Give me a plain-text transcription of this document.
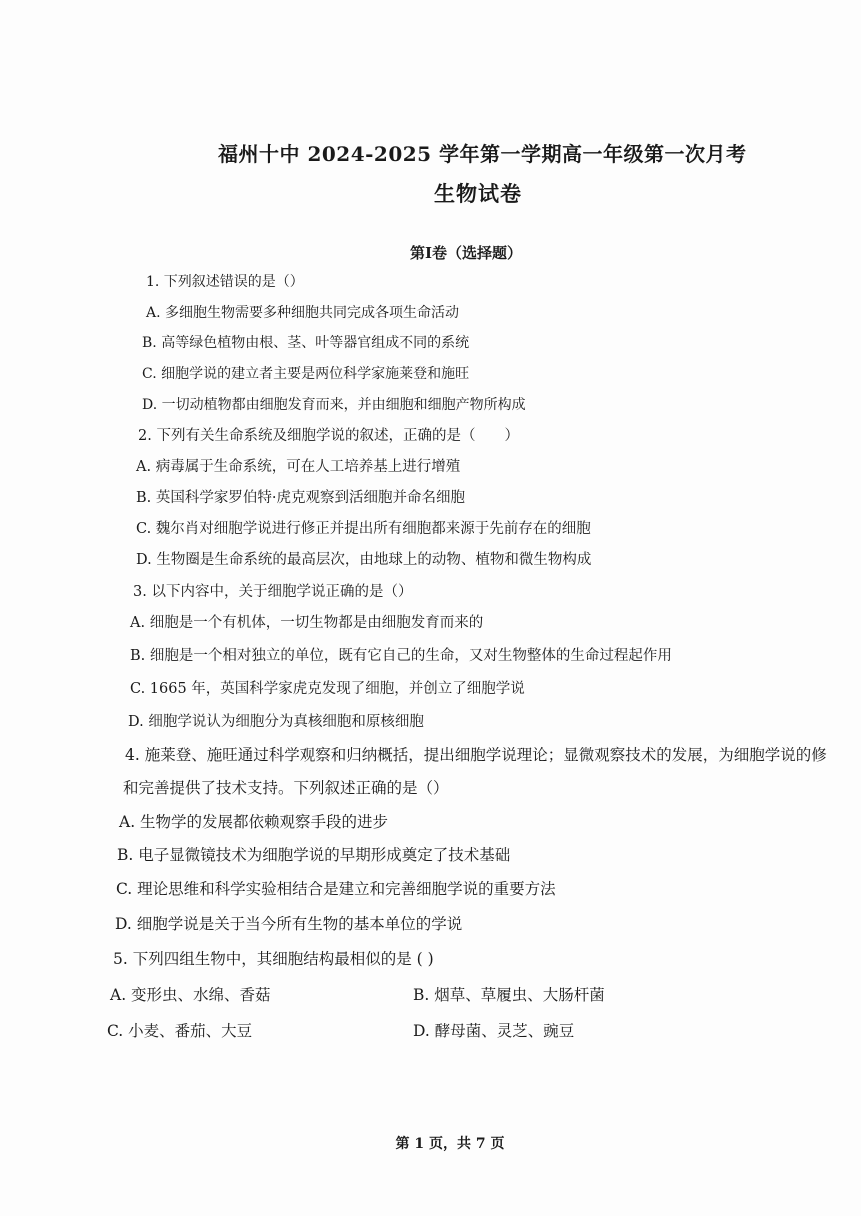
福州十中 2024-2025 学年第一学期高一年级第一次月考
生物试卷
第Ⅰ卷（选择题）
1. 下列叙述错误的是（）
A. 多细胞生物需要多种细胞共同完成各项生命活动
B. 高等绿色植物由根、茎、叶等器官组成不同的系统
C. 细胞学说的建立者主要是两位科学家施莱登和施旺
D. 一切动植物都由细胞发育而来，并由细胞和细胞产物所构成
2. 下列有关生命系统及细胞学说的叙述，正确的是（　　）
A. 病毒属于生命系统，可在人工培养基上进行增殖
B. 英国科学家罗伯特·虎克观察到活细胞并命名细胞
C. 魏尔肖对细胞学说进行修正并提出所有细胞都来源于先前存在的细胞
D. 生物圈是生命系统的最高层次，由地球上的动物、植物和微生物构成
3. 以下内容中，关于细胞学说正确的是（）
A. 细胞是一个有机体，一切生物都是由细胞发育而来的
B. 细胞是一个相对独立的单位，既有它自己的生命，又对生物整体的生命过程起作用
C. 1665 年，英国科学家虎克发现了细胞，并创立了细胞学说
D. 细胞学说认为细胞分为真核细胞和原核细胞
4. 施莱登、施旺通过科学观察和归纳概括，提出细胞学说理论；显微观察技术的发展，为细胞学说的修
和完善提供了技术支持。下列叙述正确的是（）
A. 生物学的发展都依赖观察手段的进步
B. 电子显微镜技术为细胞学说的早期形成奠定了技术基础
C. 理论思维和科学实验相结合是建立和完善细胞学说的重要方法
D. 细胞学说是关于当今所有生物的基本单位的学说
5. 下列四组生物中，其细胞结构最相似的是 ( )
A. 变形虫、水绵、香菇	B. 烟草、草履虫、大肠杆菌
C. 小麦、番茄、大豆	D. 酵母菌、灵芝、豌豆
第 1 页，共 7 页
